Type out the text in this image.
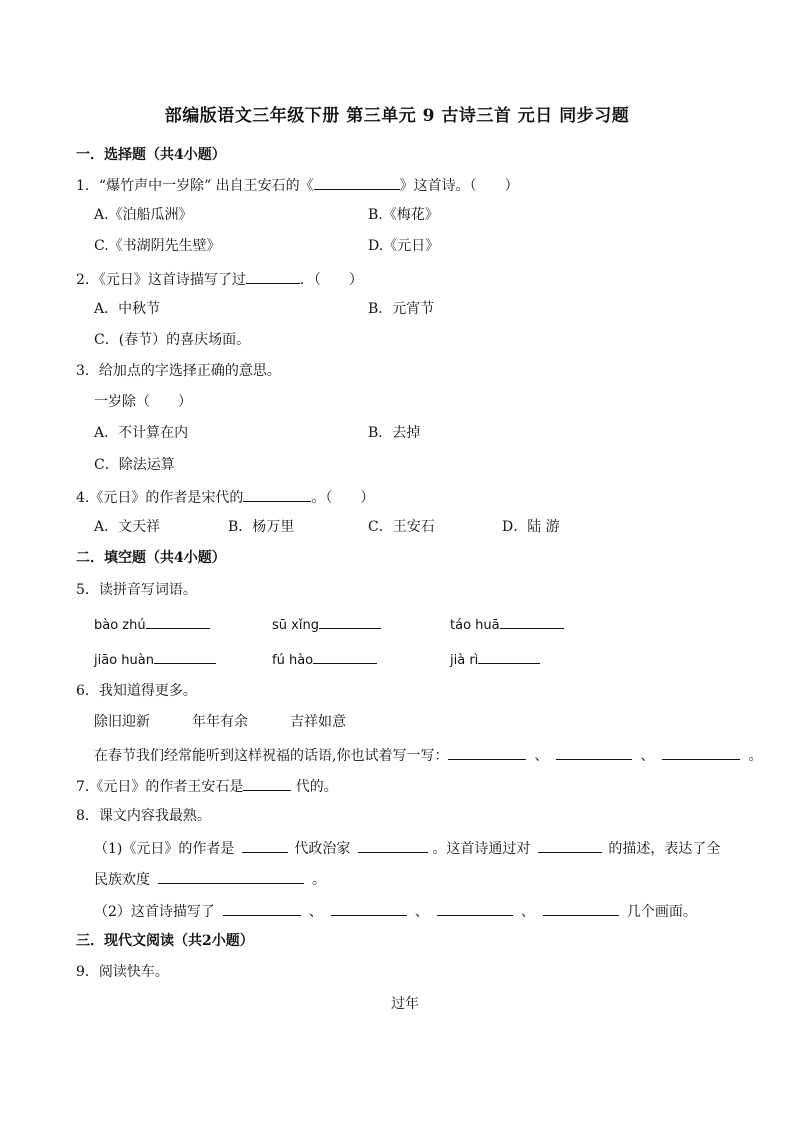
部编版语文三年级下册 第三单元 9 古诗三首 元日 同步习题
一．选择题（共4小题）
1．“爆竹声中一岁除” 出自王安石的《	》这首诗。（　　）
A.《泊船瓜洲》	B.《梅花》
C.《书湖阴先生壁》	D.《元日》
2．《元日》这首诗描写了过	．（　　）
A．中秋节	B．元宵节
C．(春节）的喜庆场面。
3．给加点的字选择正确的意思。
一岁除（　　）
A．不计算在内	B．去掉
C．除法运算
4.《元日》的作者是宋代的	。（　　）
A．文天祥	B．杨万里	C．王安石	D．陆 游
二．填空题（共4小题）
5．读拼音写词语。
bào zhú	sū xǐng	táo huā
jiāo huàn	fú hào	jià rì
6．我知道得更多。
除旧迎新	年年有余	吉祥如意
在春节我们经常能听到这样祝福的话语,你也试着写一写：	、	、	。
7.《元日》的作者王安石是	代的。
8．课文内容我最熟。
（1)《元日》的作者是	代政治家	。这首诗通过对	的描述，表达了全
民族欢度	。
（2）这首诗描写了	、	、	、	几个画面。
三．现代文阅读（共2小题）
9．阅读快车。
过年
